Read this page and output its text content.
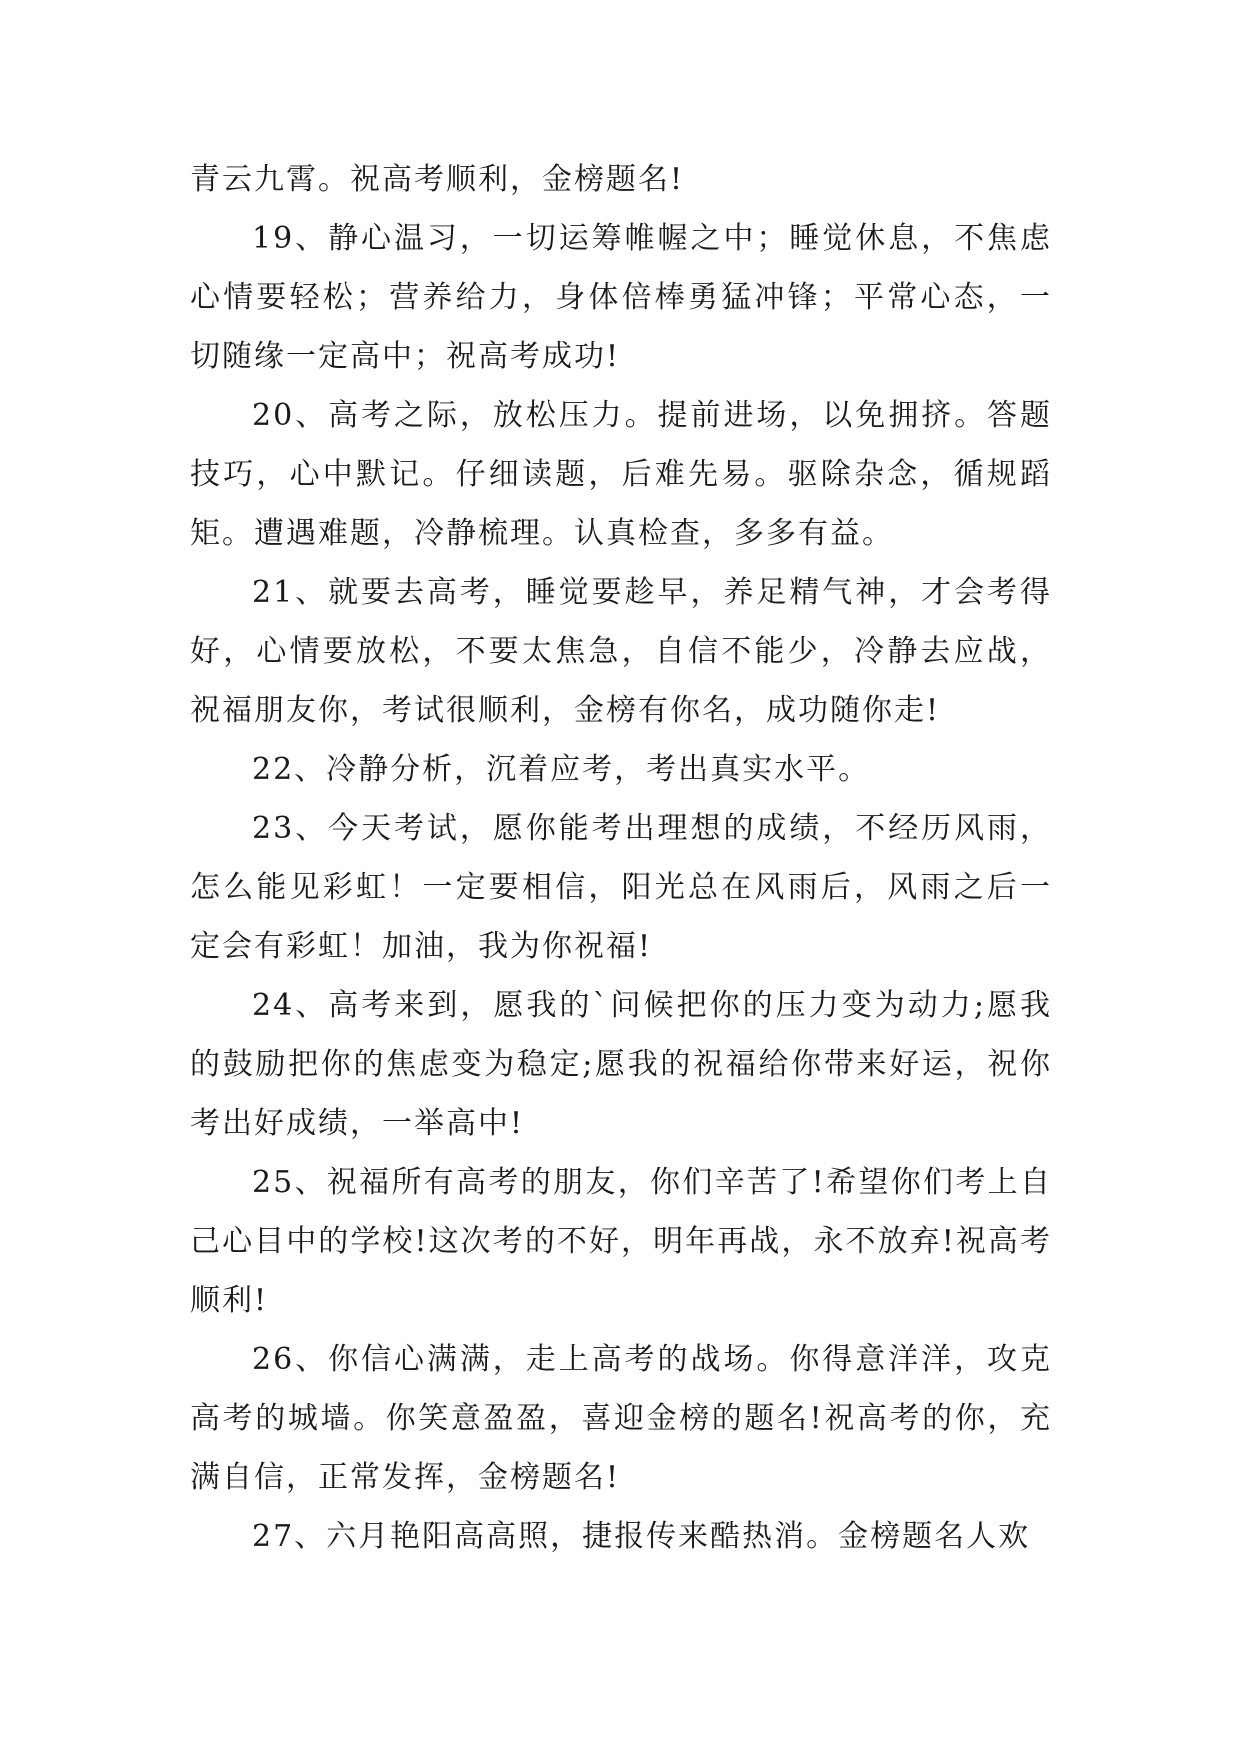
青云九霄。祝高考顺利，金榜题名!

19、静心温习，一切运筹帷幄之中；睡觉休息，不焦虑心情要轻松；营养给力，身体倍棒勇猛冲锋；平常心态，一切随缘一定高中；祝高考成功!

20、高考之际，放松压力。提前进场，以免拥挤。答题技巧，心中默记。仔细读题，后难先易。驱除杂念，循规蹈矩。遭遇难题，冷静梳理。认真检查，多多有益。

21、就要去高考，睡觉要趁早，养足精气神，才会考得好，心情要放松，不要太焦急，自信不能少，冷静去应战，祝福朋友你，考试很顺利，金榜有你名，成功随你走!

22、冷静分析，沉着应考，考出真实水平。

23、今天考试，愿你能考出理想的成绩，不经历风雨，怎么能见彩虹！一定要相信，阳光总在风雨后，风雨之后一定会有彩虹！加油，我为你祝福!

24、高考来到，愿我的`问候把你的压力变为动力;愿我的鼓励把你的焦虑变为稳定;愿我的祝福给你带来好运，祝你考出好成绩，一举高中!

25、祝福所有高考的朋友，你们辛苦了!希望你们考上自己心目中的学校!这次考的不好，明年再战，永不放弃!祝高考顺利!

26、你信心满满，走上高考的战场。你得意洋洋，攻克高考的城墙。你笑意盈盈，喜迎金榜的题名!祝高考的你，充满自信，正常发挥，金榜题名!

27、六月艳阳高高照，捷报传来酷热消。金榜题名人欢
